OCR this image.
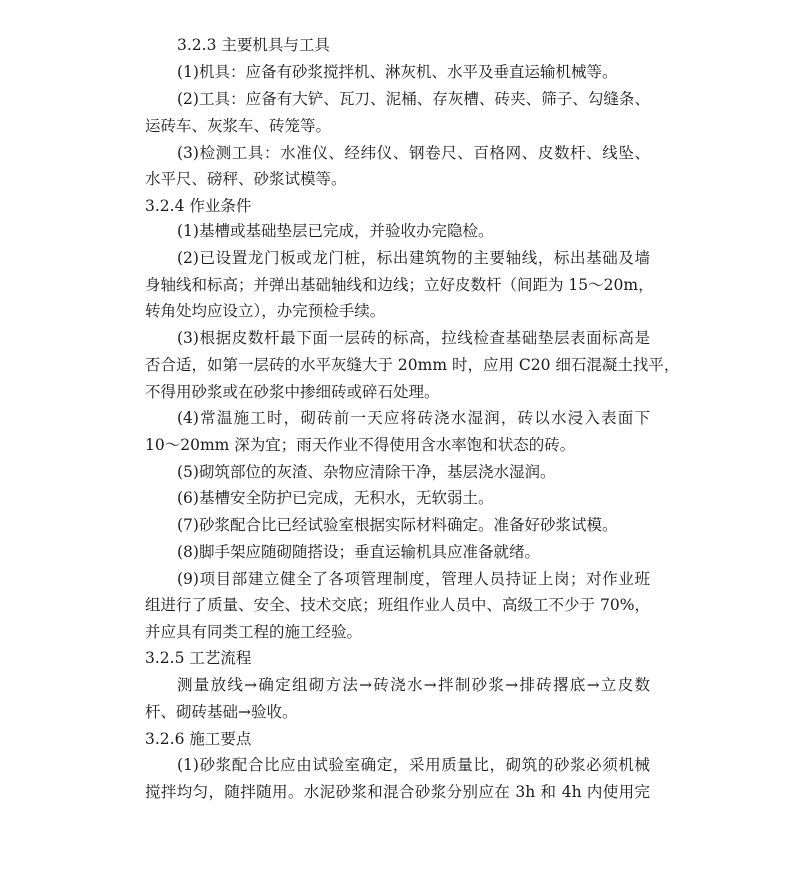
3.2.3 主要机具与工具
(1)机具：应备有砂浆搅拌机、淋灰机、水平及垂直运输机械等。
(2)工具：应备有大铲、瓦刀、泥桶、存灰槽、砖夹、筛子、勾缝条、
运砖车、灰浆车、砖笼等。
(3)检测工具：水准仪、经纬仪、钢卷尺、百格网、皮数杆、线坠、
水平尺、磅秤、砂浆试模等。
3.2.4 作业条件
(1)基槽或基础垫层已完成，并验收办完隐检。
(2)已设置龙门板或龙门桩，标出建筑物的主要轴线，标出基础及墙
身轴线和标高；并弹出基础轴线和边线；立好皮数杆（间距为 15～20m，
转角处均应设立），办完预检手续。
(3)根据皮数杆最下面一层砖的标高，拉线检查基础垫层表面标高是
否合适，如第一层砖的水平灰缝大于 20mm 时，应用 C20 细石混凝土找平，
不得用砂浆或在砂浆中掺细砖或碎石处理。
(4)常温施工时，砌砖前一天应将砖浇水湿润，砖以水浸入表面下
10～20mm 深为宜；雨天作业不得使用含水率饱和状态的砖。
(5)砌筑部位的灰渣、杂物应清除干净，基层浇水湿润。
(6)基槽安全防护已完成，无积水，无软弱土。
(7)砂浆配合比已经试验室根据实际材料确定。准备好砂浆试模。
(8)脚手架应随砌随搭设；垂直运输机具应准备就绪。
(9)项目部建立健全了各项管理制度，管理人员持证上岗；对作业班
组进行了质量、安全、技术交底；班组作业人员中、高级工不少于 70%，
并应具有同类工程的施工经验。
3.2.5 工艺流程
测量放线→确定组砌方法→砖浇水→拌制砂浆→排砖撂底→立皮数
杆、砌砖基础→验收。
3.2.6 施工要点
(1)砂浆配合比应由试验室确定，采用质量比，砌筑的砂浆必须机械
搅拌均匀，随拌随用。水泥砂浆和混合砂浆分别应在 3h 和 4h 内使用完
